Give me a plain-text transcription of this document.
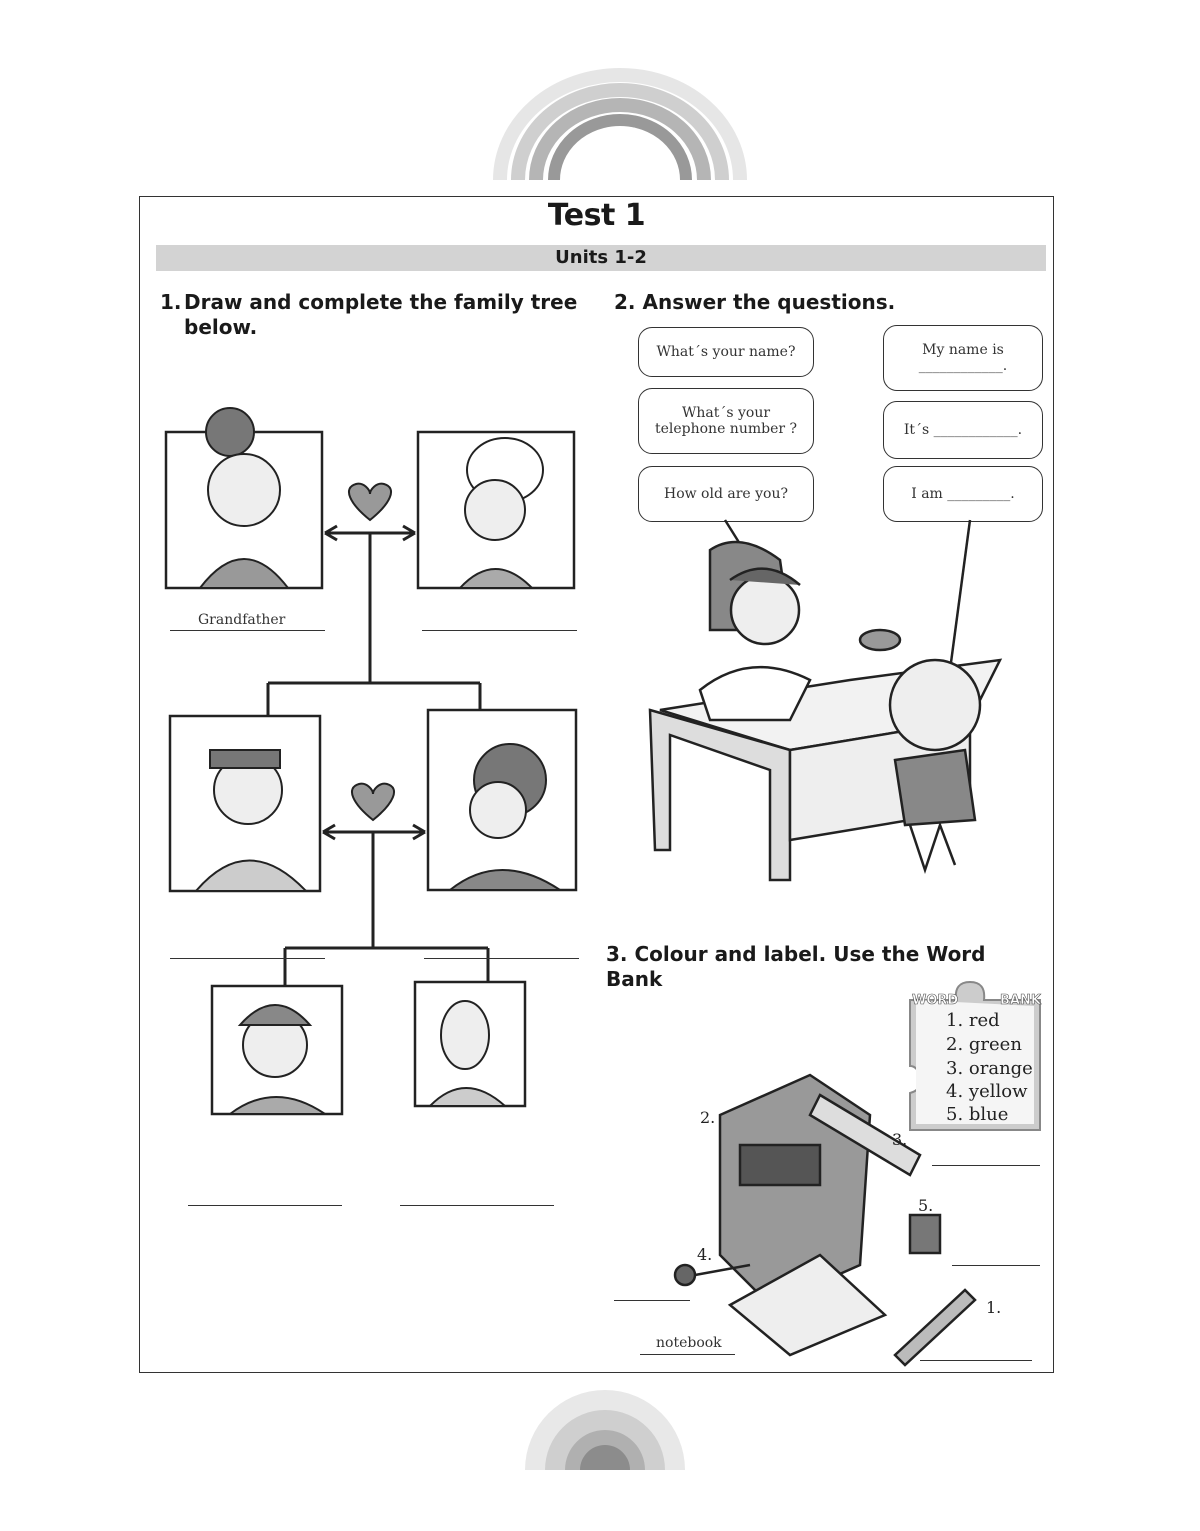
Test 1
Units 1-2
1. Draw and complete the family tree below.
Grandfather
2. Answer the questions.
What´s your name?
What´s your telephone number ?
How old are you?
My name is ____________.
It´s ____________.
I am _________.
3. Colour and label. Use the Word Bank
WORD	BANK
1. red
2. green
3. orange
4. yellow
5. blue
1.
2.
3.
4.
5.
notebook
